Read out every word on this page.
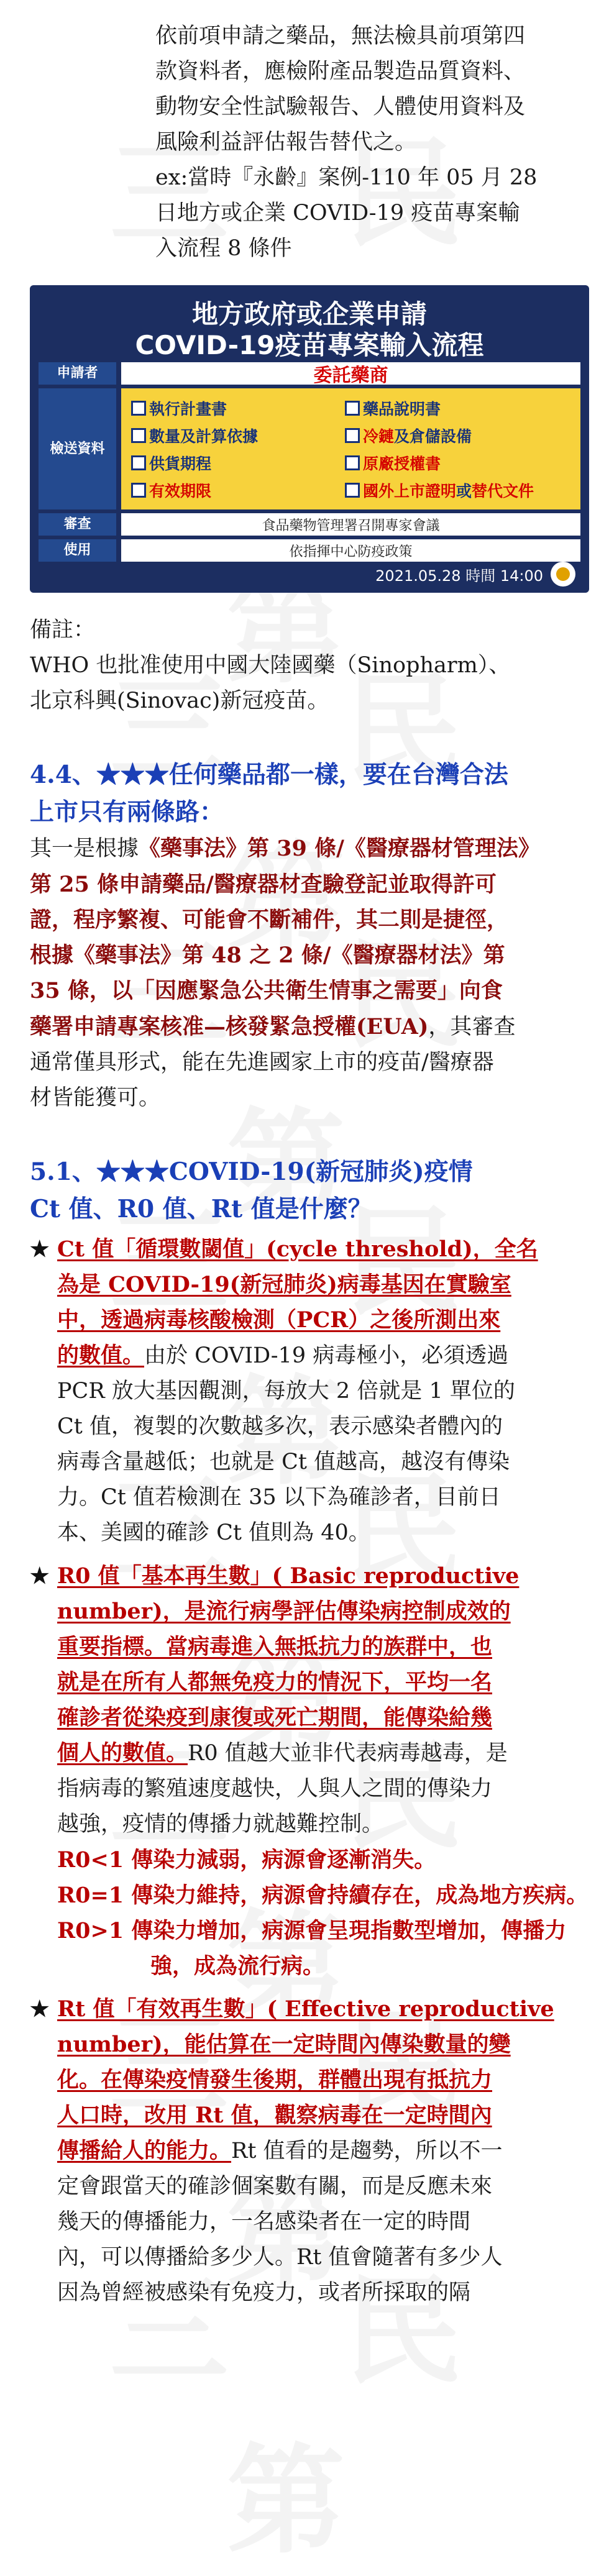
依前項申請之藥品，無法檢具前項第四

款資料者，應檢附產品製造品質資料、

動物安全性試驗報告、人體使用資料及

風險利益評估報告替代之。

ex:當時『永齡』案例-110 年 05 月 28

日地方或企業 COVID-19 疫苗專案輸

入流程 8 條件

地方政府或企業申請
COVID-19疫苗專案輸入流程
申請者	委託藥商
檢送資料
執行計畫書	藥品說明書
數量及計算依據	冷鏈及倉儲設備
供貨期程	原廠授權書
有效期限	國外上市證明或替代文件
審查	食品藥物管理署召開專家會議
使用	依指揮中心防疫政策
2021.05.28 時間 14:00

備註：

WHO 也批准使用中國大陸國藥（Sinopharm）、

北京科興(Sinovac)新冠疫苗。

4.4、★★★任何藥品都一樣，要在台灣合法

上市只有兩條路：

其一是根據《藥事法》第 39 條/《醫療器材管理法》

第 25 條申請藥品/醫療器材查驗登記並取得許可

證，程序繁複、可能會不斷補件，其二則是捷徑，

根據《藥事法》第 48 之 2 條/《醫療器材法》第

35 條，以「因應緊急公共衛生情事之需要」向食

藥署申請專案核准—核發緊急授權(EUA)，其審查

通常僅具形式，能在先進國家上市的疫苗/醫療器

材皆能獲可。

5.1、★★★COVID-19(新冠肺炎)疫情

Ct 值、R0 值、Rt 值是什麼？

★ Ct 值「循環數閾值」(cycle threshold)，全名
為是 COVID-19(新冠肺炎)病毒基因在實驗室
中，透過病毒核酸檢測（PCR）之後所測出來
的數值。由於 COVID-19 病毒極小，必須透過
PCR 放大基因觀測，每放大 2 倍就是 1 單位的
Ct 值，複製的次數越多次，表示感染者體內的
病毒含量越低；也就是 Ct 值越高，越沒有傳染
力。Ct 值若檢測在 35 以下為確診者，目前日
本、美國的確診 Ct 值則為 40。
★ R0 值「基本再生數」( Basic reproductive
number)，是流行病學評估傳染病控制成效的
重要指標。當病毒進入無抵抗力的族群中，也
就是在所有人都無免疫力的情況下，平均一名
確診者從染疫到康復或死亡期間，能傳染給幾
個人的數值。R0 值越大並非代表病毒越毒，是
指病毒的繁殖速度越快，人與人之間的傳染力
越強，疫情的傳播力就越難控制。
R0<1 傳染力減弱，病源會逐漸消失。
R0=1 傳染力維持，病源會持續存在，成為地方疾病。
R0>1 傳染力增加，病源會呈現指數型增加，傳播力強，成為流行病。
★ Rt 值「有效再生數」( Effective reproductive
number)，能估算在一定時間內傳染數量的變
化。在傳染疫情發生後期，群體出現有抵抗力
人口時，改用 Rt 值，觀察病毒在一定時間內
傳播給人的能力。Rt 值看的是趨勢，所以不一
定會跟當天的確診個案數有關，而是反應未來
幾天的傳播能力，一名感染者在一定的時間
內，可以傳播給多少人。Rt 值會隨著有多少人
因為曾經被感染有免疫力，或者所採取的隔
